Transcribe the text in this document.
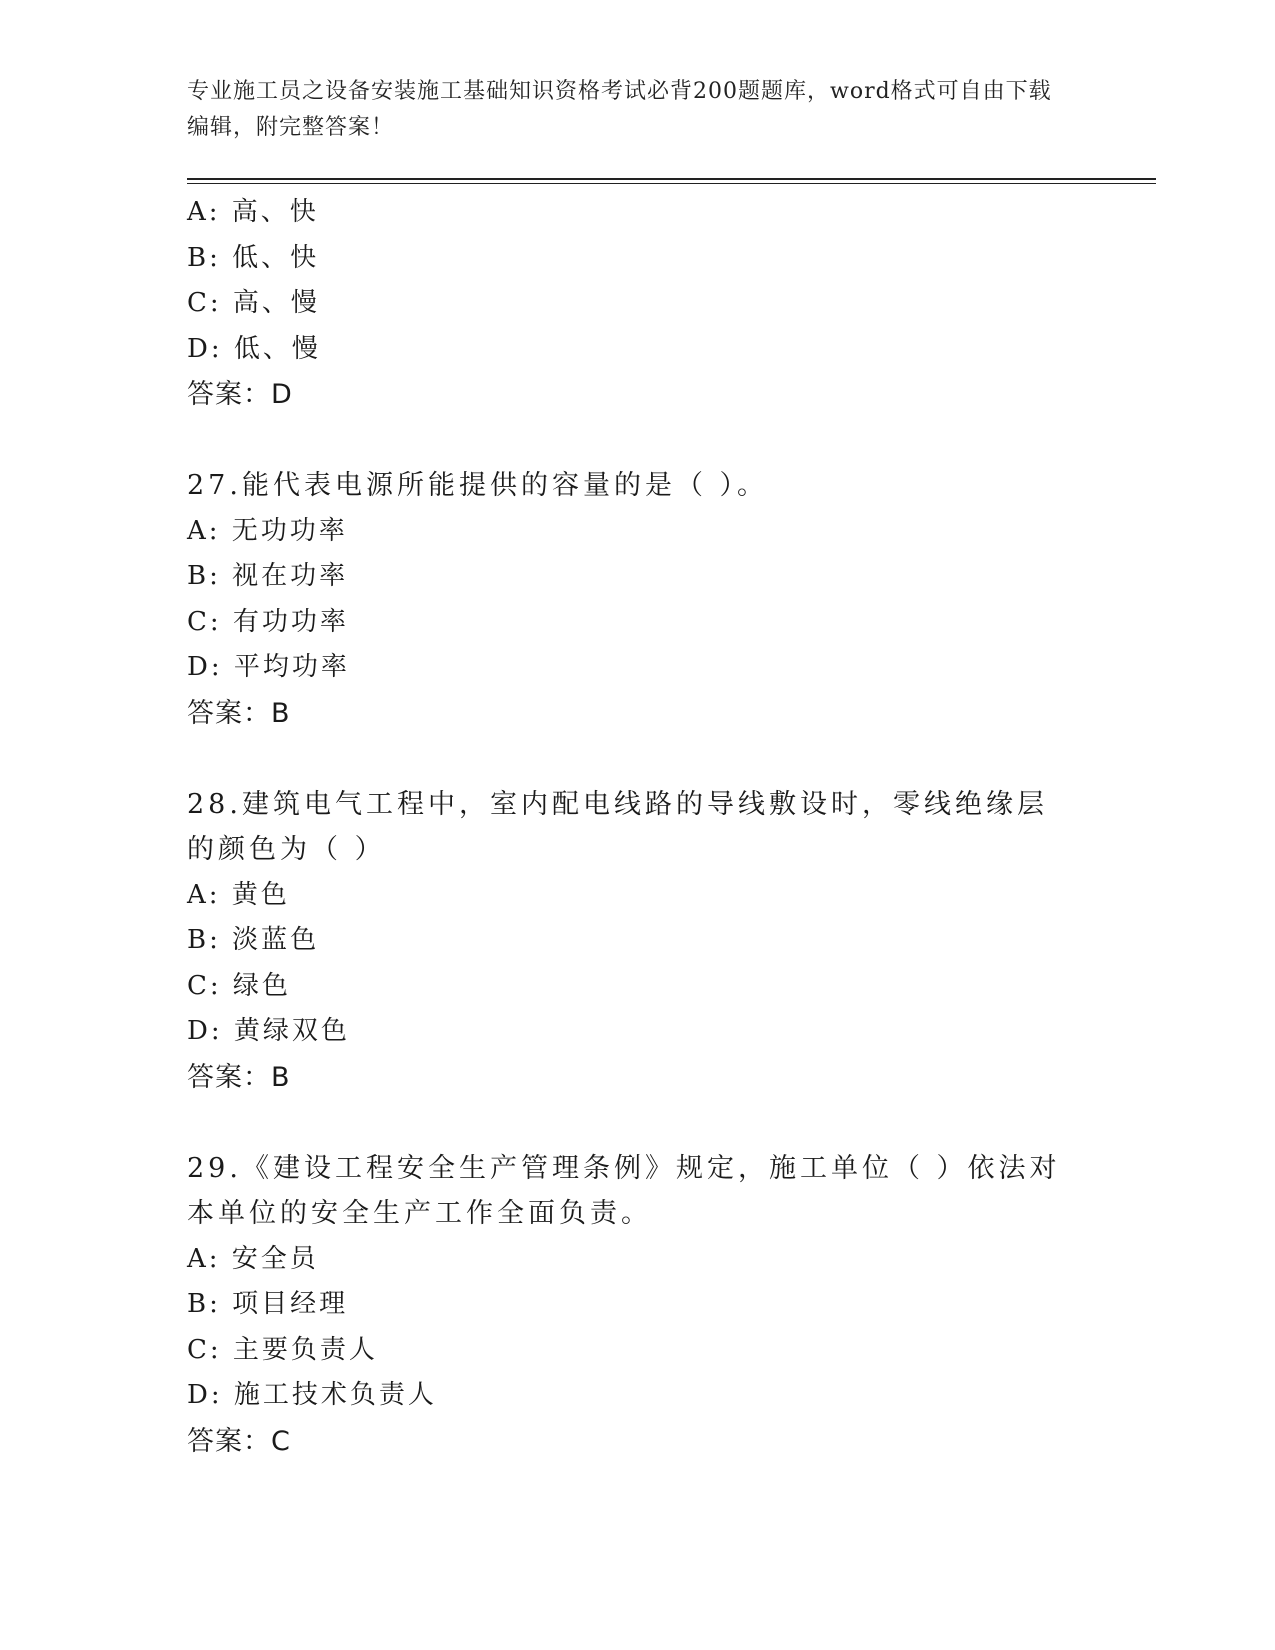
专业施工员之设备安装施工基础知识资格考试必背200题题库，word格式可自由下载编辑，附完整答案！
A: 高、快
B: 低、快
C: 高、慢
D: 低、慢
答案：D
27.能代表电源所能提供的容量的是（ ）。
A: 无功功率
B: 视在功率
C: 有功功率
D: 平均功率
答案：B
28.建筑电气工程中，室内配电线路的导线敷设时，零线绝缘层的颜色为（ ）
A: 黄色
B: 淡蓝色
C: 绿色
D: 黄绿双色
答案：B
29.《建设工程安全生产管理条例》规定，施工单位（ ）依法对本单位的安全生产工作全面负责。
A: 安全员
B: 项目经理
C: 主要负责人
D: 施工技术负责人
答案：C
